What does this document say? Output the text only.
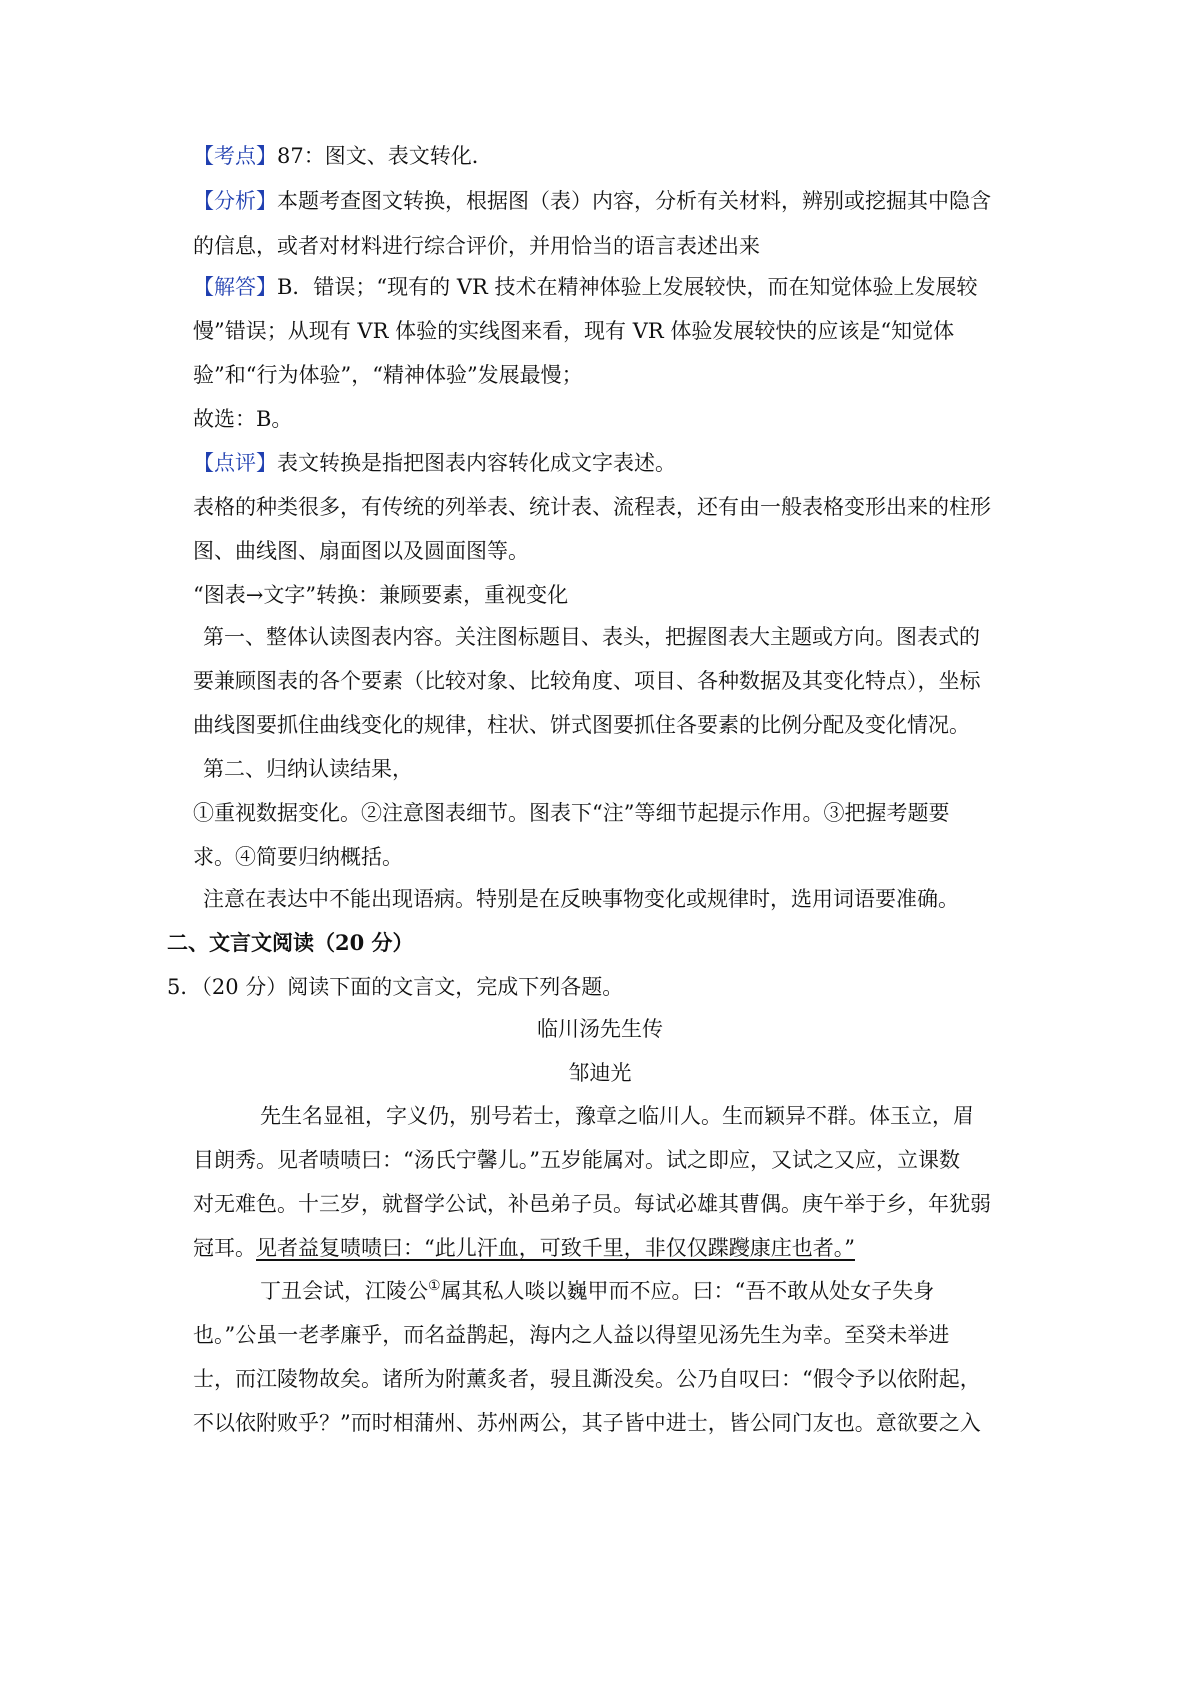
【考点】87：图文、表文转化．
【分析】本题考查图文转换，根据图（表）内容，分析有关材料，辨别或挖掘其中隐含
的信息，或者对材料进行综合评价，并用恰当的语言表述出来
【解答】B．错误；“现有的 VR 技术在精神体验上发展较快，而在知觉体验上发展较
慢”错误；从现有 VR 体验的实线图来看，现有 VR 体验发展较快的应该是“知觉体
验”和“行为体验”，“精神体验”发展最慢；
故选：B。
【点评】表文转换是指把图表内容转化成文字表述。
表格的种类很多，有传统的列举表、统计表、流程表，还有由一般表格变形出来的柱形
图、曲线图、扇面图以及圆面图等。
“图表→文字”转换：兼顾要素，重视变化
第一、整体认读图表内容。关注图标题目、表头，把握图表大主题或方向。图表式的
要兼顾图表的各个要素（比较对象、比较角度、项目、各种数据及其变化特点），坐标
曲线图要抓住曲线变化的规律，柱状、饼式图要抓住各要素的比例分配及变化情况。
第二、归纳认读结果，
①重视数据变化。②注意图表细节。图表下“注”等细节起提示作用。③把握考题要
求。④简要归纳概括。
注意在表达中不能出现语病。特别是在反映事物变化或规律时，选用词语要准确。
二、文言文阅读（20 分）
5．（20 分）阅读下面的文言文，完成下列各题。
临川汤先生传
邹迪光
先生名显祖，字义仍，别号若士，豫章之临川人。生而颖异不群。体玉立，眉
目朗秀。见者啧啧曰：“汤氏宁馨儿。”五岁能属对。试之即应，又试之又应，立课数
对无难色。十三岁，就督学公试，补邑弟子员。每试必雄其曹偶。庚午举于乡，年犹弱
冠耳。见者益复啧啧曰：“此儿汗血，可致千里，非仅仅蹀躞康庄也者。”
丁丑会试，江陵公①属其私人啖以巍甲而不应。曰：“吾不敢从处女子失身
也。”公虽一老孝廉乎，而名益鹊起，海内之人益以得望见汤先生为幸。至癸未举进
士，而江陵物故矣。诸所为附薰炙者，骎且澌没矣。公乃自叹曰：“假令予以依附起，
不以依附败乎？”而时相蒲州、苏州两公，其子皆中进士，皆公同门友也。意欲要之入
